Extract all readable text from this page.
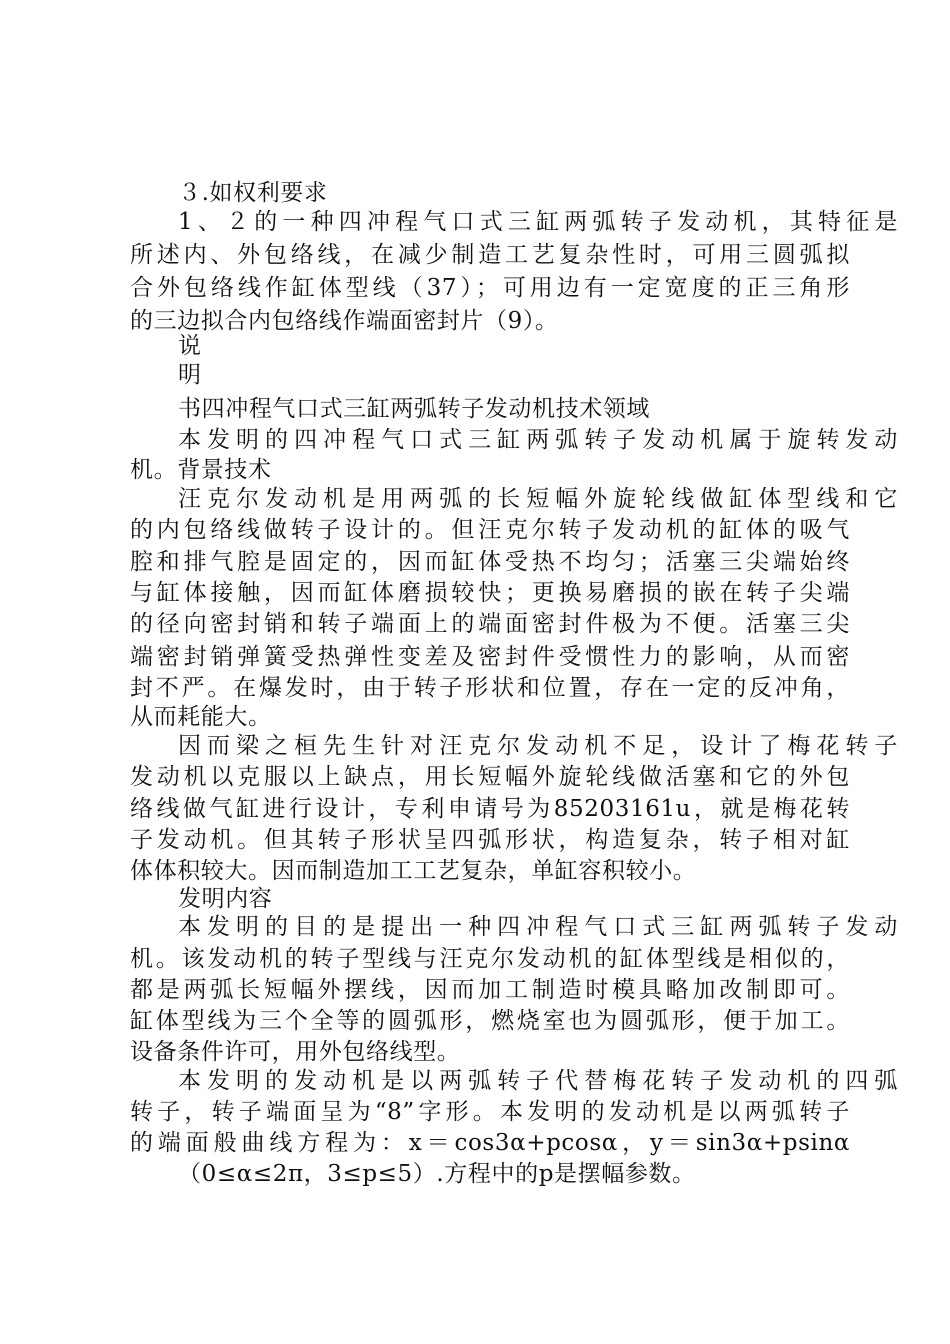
３.如权利要求
1、２的一种四冲程气口式三缸两弧转子发动机，其特征是
所述内、外包络线，在减少制造工艺复杂性时，可用三圆弧拟
合外包络线作缸体型线（37）；可用边有一定宽度的正三角形
的三边拟合内包络线作端面密封片（9）。
说
明
书四冲程气口式三缸两弧转子发动机技术领域
本发明的四冲程气口式三缸两弧转子发动机属于旋转发动
机。背景技术
汪克尔发动机是用两弧的长短幅外旋轮线做缸体型线和它
的内包络线做转子设计的。但汪克尔转子发动机的缸体的吸气
腔和排气腔是固定的，因而缸体受热不均匀；活塞三尖端始终
与缸体接触，因而缸体磨损较快；更换易磨损的嵌在转子尖端
的径向密封销和转子端面上的端面密封件极为不便。活塞三尖
端密封销弹簧受热弹性变差及密封件受惯性力的影响，从而密
封不严。在爆发时，由于转子形状和位置，存在一定的反冲角，
从而耗能大。
因而梁之桓先生针对汪克尔发动机不足，设计了梅花转子
发动机以克服以上缺点，用长短幅外旋轮线做活塞和它的外包
络线做气缸进行设计，专利申请号为85203161u，就是梅花转
子发动机。但其转子形状呈四弧形状，构造复杂，转子相对缸
体体积较大。因而制造加工工艺复杂，单缸容积较小。
发明内容
本发明的目的是提出一种四冲程气口式三缸两弧转子发动
机。该发动机的转子型线与汪克尔发动机的缸体型线是相似的，
都是两弧长短幅外摆线，因而加工制造时模具略加改制即可。
缸体型线为三个全等的圆弧形，燃烧室也为圆弧形，便于加工。
设备条件许可，用外包络线型。
本发明的发动机是以两弧转子代替梅花转子发动机的四弧
转子，转子端面呈为“8”字形。本发明的发动机是以两弧转子
的端面般曲线方程为：x＝cos3α+pcosα，y＝sin3α+psinα
（0≤α≤2π，3≤p≤5）.方程中的p是摆幅参数。
